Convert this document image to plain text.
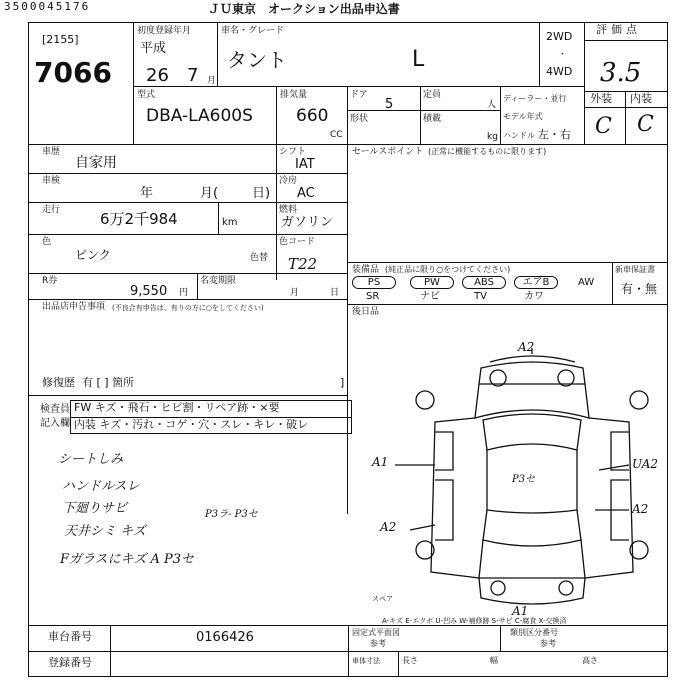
3500045176	ＪＵ東京　オークション出品申込書
[2155]
7066
初度登録年月
平成
26 7 月
車名・グレード
タント	L
2WD
・
4WD
評価点
3.5
外装 内装
C C
型式
DBA-LA600S
排気量
660
CC
ドア
5
定員
人
形状	積載
kg
ディーラー・並行
モデル年式
ハンドル 左・右
車歴
自家用
シフト
IAT
車検
年	月(	日)
冷房
AC
走行	6万2千984	km
燃料
ガソリン
色
ピンク	色替
色コード
T22
R券
9,550 円
名変期限
月	日
出品店申告事項 (不良合有申告は、有りの方に○をしてください)
修復歴 有 [ ] 箇所	]
検査員
記入欄
FW キズ・飛石・ヒビ割・リペア跡・×要
内装 キズ・汚れ・コゲ・穴・スレ・キレ・破レ
シートしみ
ハンドルスレ
下廻りサビ
天井シミ キズ
Fガラスにキズ A P3セ
セールスポイント (正常に機能するものに限ります)
装備品 (純正品に限り○をつけてください)	新車保証書
有・無
PS	PW	ABS	エアB	AW
SR	ナビ	TV	カワ
後日品
A2
A1
P3セ
UA2
A2
A2
P3ラ- P3セ
A1
スペア
A-キズ E-エクボ U-凹み W-補修跡 S-サビ C-腐食 X-交換済
車台番号	0166426
登録番号
固定式平面図
参考
類別区分番号
参考
車体寸法	長さ	幅	高さ
